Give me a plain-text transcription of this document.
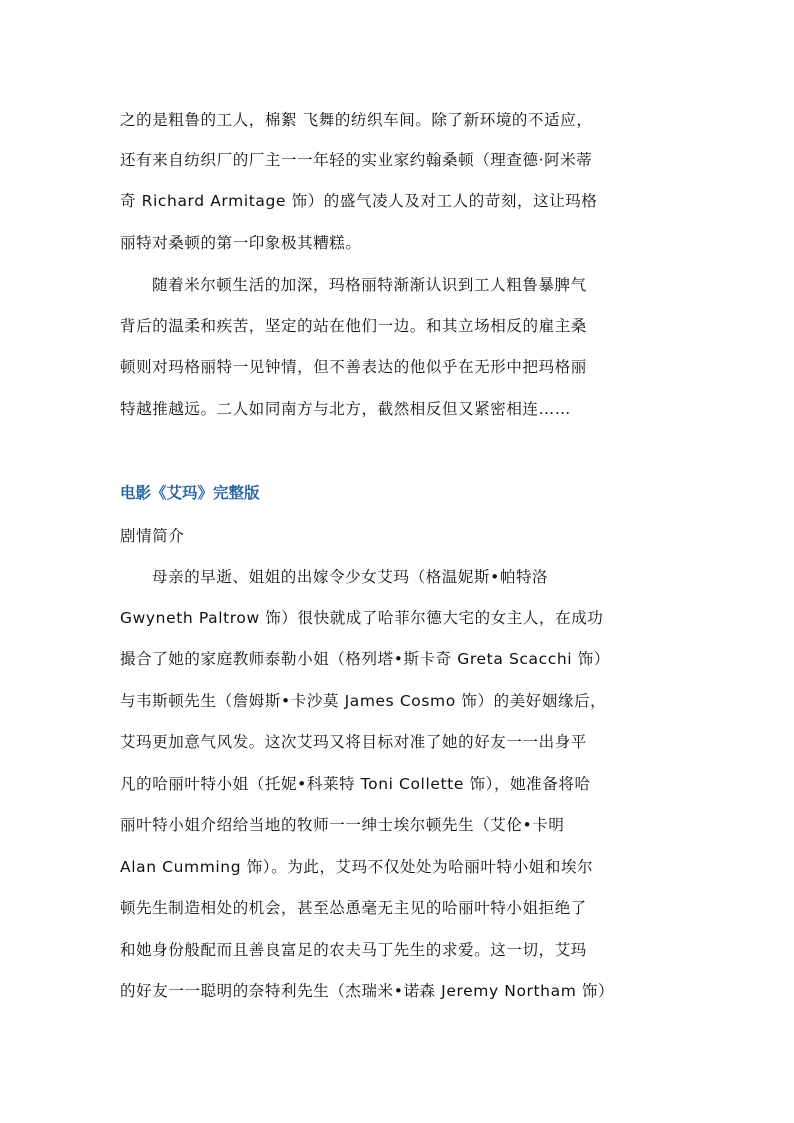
之的是粗鲁的工人，棉絮 飞舞的纺织车间。除了新环境的不适应，
还有来自纺织厂的厂主一一年轻的实业家约翰桑顿（理查德·阿米蒂
奇 Richard Armitage 饰）的盛气凌人及对工人的苛刻，这让玛格
丽特对桑顿的第一印象极其糟糕。
随着米尔顿生活的加深，玛格丽特渐渐认识到工人粗鲁暴脾气
背后的温柔和疾苦，坚定的站在他们一边。和其立场相反的雇主桑
顿则对玛格丽特一见钟情，但不善表达的他似乎在无形中把玛格丽
特越推越远。二人如同南方与北方，截然相反但又紧密相连……
电影《艾玛》完整版
剧情简介
母亲的早逝、姐姐的出嫁令少女艾玛（格温妮斯•帕特洛
Gwyneth Paltrow 饰）很快就成了哈菲尔德大宅的女主人，在成功
撮合了她的家庭教师泰勒小姐（格列塔•斯卡奇 Greta Scacchi 饰）
与韦斯顿先生（詹姆斯•卡沙莫 James Cosmo 饰）的美好姻缘后，
艾玛更加意气风发。这次艾玛又将目标对准了她的好友一一出身平
凡的哈丽叶特小姐（托妮•科莱特 Toni Collette 饰），她准备将哈
丽叶特小姐介绍给当地的牧师一一绅士埃尔顿先生（艾伦•卡明
Alan Cumming 饰）。为此，艾玛不仅处处为哈丽叶特小姐和埃尔
顿先生制造相处的机会，甚至怂恿毫无主见的哈丽叶特小姐拒绝了
和她身份般配而且善良富足的农夫马丁先生的求爱。这一切，艾玛
的好友一一聪明的奈特利先生（杰瑞米•诺森 Jeremy Northam 饰）
